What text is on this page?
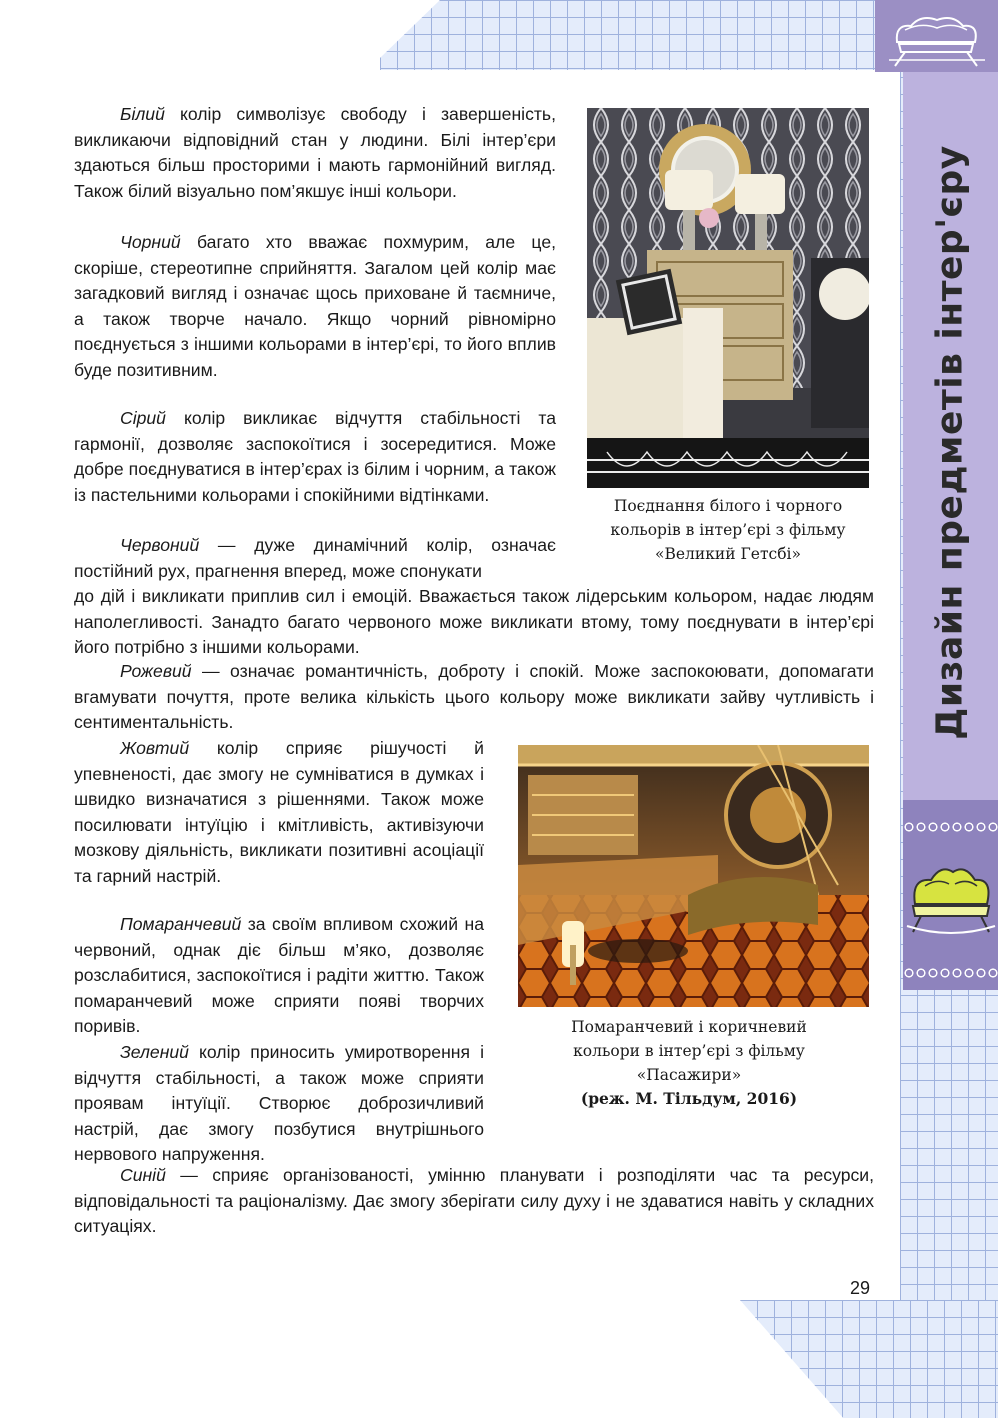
Дизайн предметів інтер'єру

Білий колір символізує свободу і завершеність, викликаючи відповідний стан у людини. Білі інтер’єри здаються більш просторими і мають гармонійний вигляд. Також білий візуально пом’якшує інші кольори.

Чорний багато хто вважає похмурим, але це, скоріше, стереотипне сприйняття. Загалом цей колір має загадковий вигляд і означає щось приховане й таємниче, а також творче начало. Якщо чорний рівномірно поєднується з іншими кольорами в інтер’єрі, то його вплив буде позитивним.

Сірий колір викликає відчуття стабільності та гармонії, дозволяє заспокоїтися і зосередитися. Може добре поєднуватися в інтер’єрах із білим і чорним, а також із пастельними кольорами і спокійними відтінками.

Червоний — дуже динамічний колір, означає постійний рух, прагнення вперед, може спонукати

до дій і викликати приплив сил і емоцій. Вважається також лідерським кольором, надає людям наполегливості. Занадто багато червоного може викликати втому, тому поєднувати в інтер’єрі його потрібно з іншими кольорами.

Рожевий — означає романтичність, доброту і спокій. Може заспокоювати, допомагати вгамувати почуття, проте велика кількість цього кольору може викликати зайву чутливість і сентиментальність.

Жовтий колір сприяє рішучості й упевненості, дає змогу не сумніватися в думках і швидко визначатися з рішеннями. Також може посилювати інтуїцію і кмітливість, активізуючи мозкову діяльність, викликати позитивні асоціації та гарний настрій.

Помаранчевий за своїм впливом схожий на червоний, однак діє більш м’яко, дозволяє розслабитися, заспокоїтися і радіти життю. Також помаранчевий може сприяти появі творчих поривів.

Зелений колір приносить умиротворення і відчуття стабільності, а також може сприяти проявам інтуїції. Створює доброзичливий настрій, дає змогу позбутися внутрішнього нервового напруження.

Синій — сприяє організованості, умінню планувати і розподіляти час та ресурси, відповідальності та раціоналізму. Дає змогу зберігати силу духу і не здаватися навіть у складних ситуаціях.

Поєднання білого і чорного
кольорів в інтер’єрі з фільму
«Великий Гетсбі»
Помаранчевий і коричневий
кольори в інтер’єрі з фільму
«Пасажири»
(реж. М. Тільдум, 2016)
29
